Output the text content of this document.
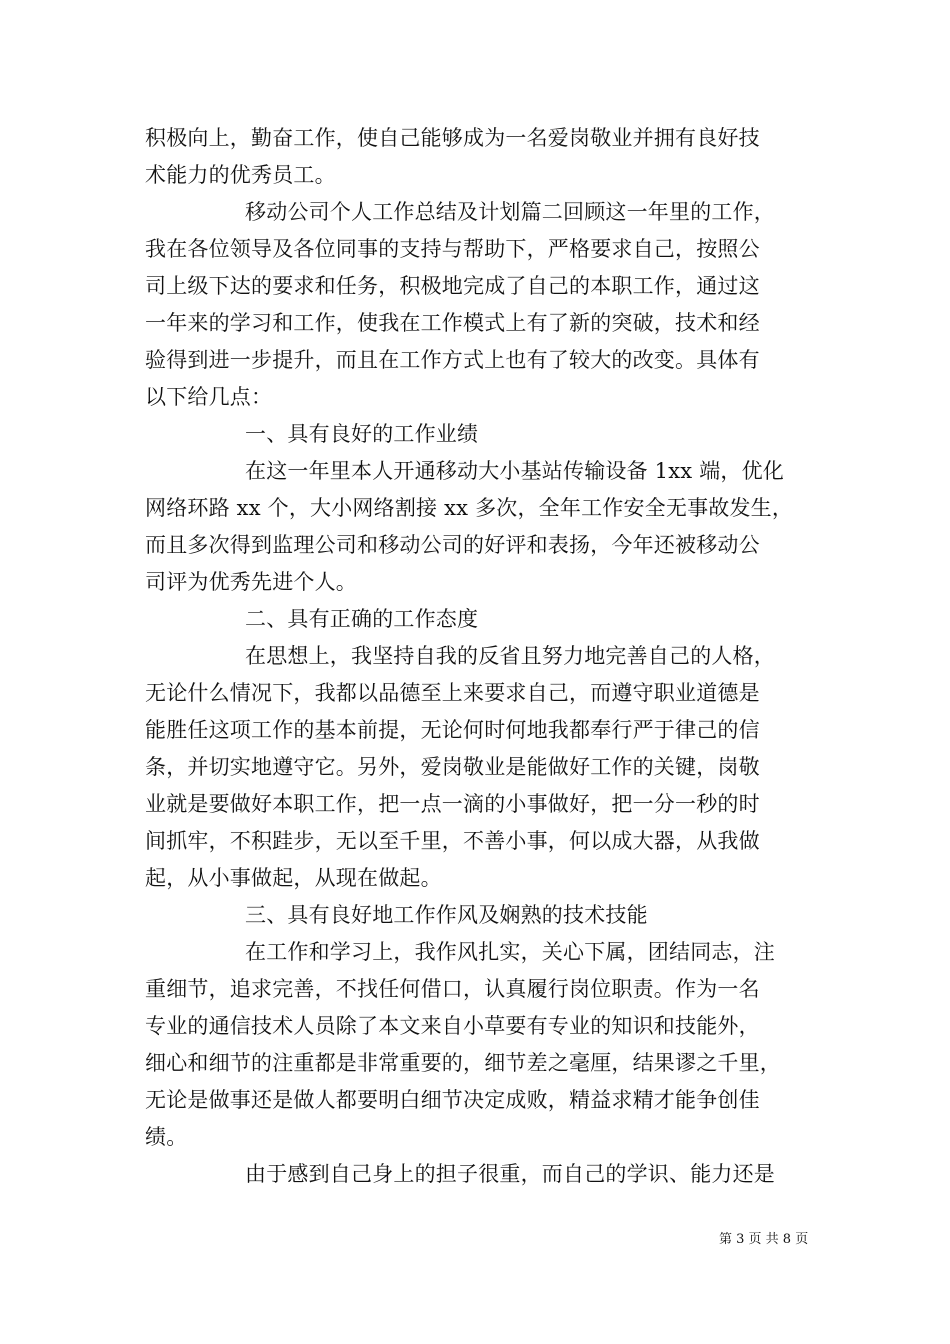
积极向上，勤奋工作，使自己能够成为一名爱岗敬业并拥有良好技
术能力的优秀员工。
移动公司个人工作总结及计划篇二回顾这一年里的工作，
我在各位领导及各位同事的支持与帮助下，严格要求自己，按照公
司上级下达的要求和任务，积极地完成了自己的本职工作，通过这
一年来的学习和工作，使我在工作模式上有了新的突破，技术和经
验得到进一步提升，而且在工作方式上也有了较大的改变。具体有
以下给几点：
一、具有良好的工作业绩
在这一年里本人开通移动大小基站传输设备 1xx 端，优化
网络环路 xx 个，大小网络割接 xx 多次，全年工作安全无事故发生，
而且多次得到监理公司和移动公司的好评和表扬，今年还被移动公
司评为优秀先进个人。
二、具有正确的工作态度
在思想上，我坚持自我的反省且努力地完善自己的人格，
无论什么情况下，我都以品德至上来要求自己，而遵守职业道德是
能胜任这项工作的基本前提，无论何时何地我都奉行严于律己的信
条，并切实地遵守它。另外，爱岗敬业是能做好工作的关键，岗敬
业就是要做好本职工作，把一点一滴的小事做好，把一分一秒的时
间抓牢，不积跬步，无以至千里，不善小事，何以成大器，从我做
起，从小事做起，从现在做起。
三、具有良好地工作作风及娴熟的技术技能
在工作和学习上，我作风扎实，关心下属，团结同志，注
重细节，追求完善，不找任何借口，认真履行岗位职责。作为一名
专业的通信技术人员除了本文来自小草要有专业的知识和技能外，
细心和细节的注重都是非常重要的，细节差之毫厘，结果谬之千里，
无论是做事还是做人都要明白细节决定成败，精益求精才能争创佳
绩。
由于感到自己身上的担子很重，而自己的学识、能力还是
第 3 页 共 8 页
